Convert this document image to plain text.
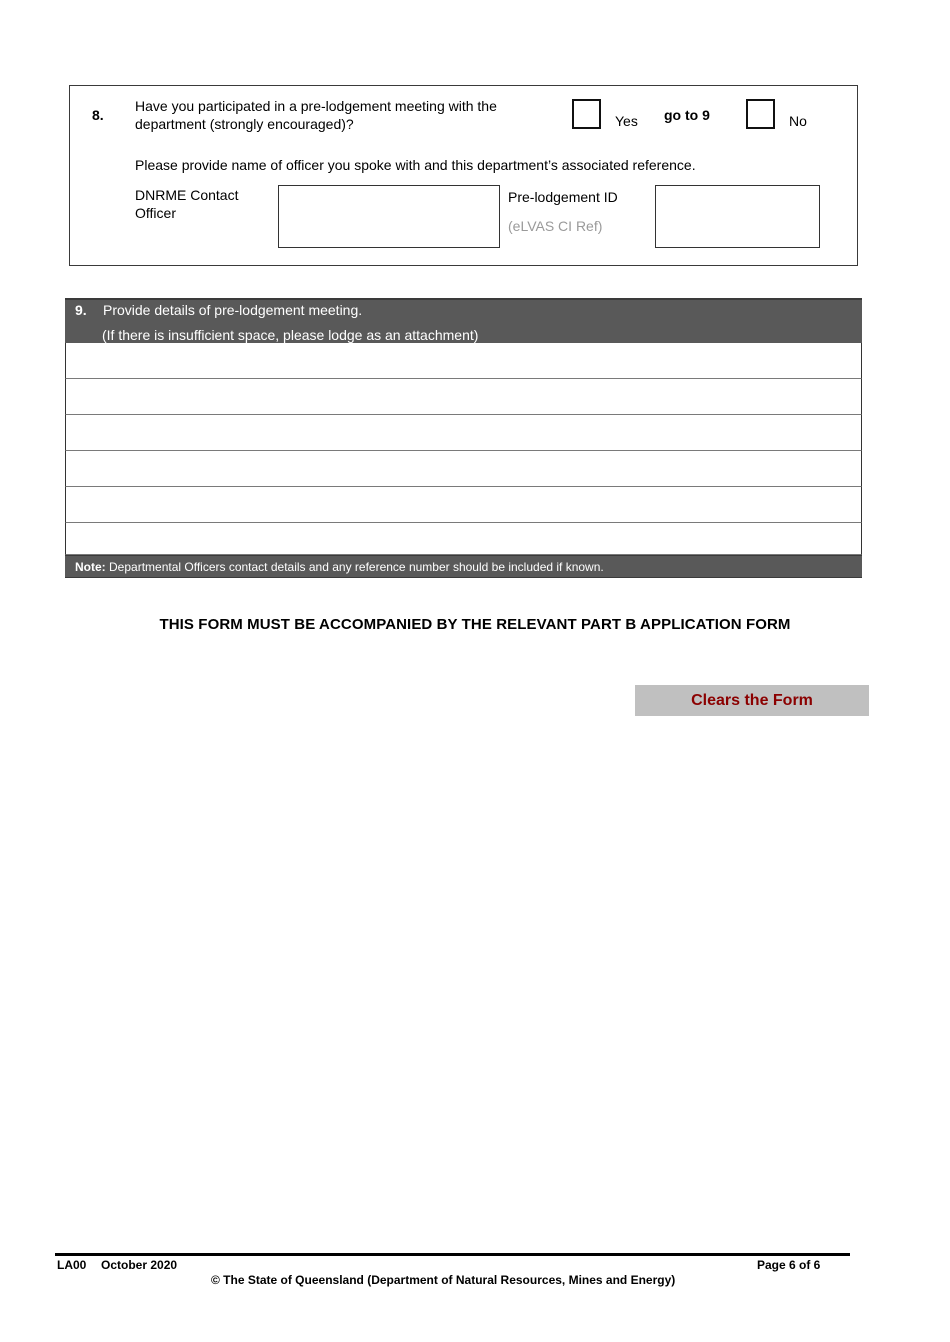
8.
Have you participated in a pre-lodgement meeting with the
department (strongly encouraged)?	Yes go to 9	No
Please provide name of officer you spoke with and this department’s associated reference.
DNRME Contact
Officer
Pre-lodgement ID
(eLVAS CI Ref)
9. Provide details of pre-lodgement meeting.
(If there is insufficient space, please lodge as an attachment)
Note: Departmental Officers contact details and any reference number should be included if known.
THIS FORM MUST BE ACCOMPANIED BY THE RELEVANT PART B APPLICATION FORM
Clears the Form
LA00 October 2020	Page 6 of 6
© The State of Queensland (Department of Natural Resources, Mines and Energy)
